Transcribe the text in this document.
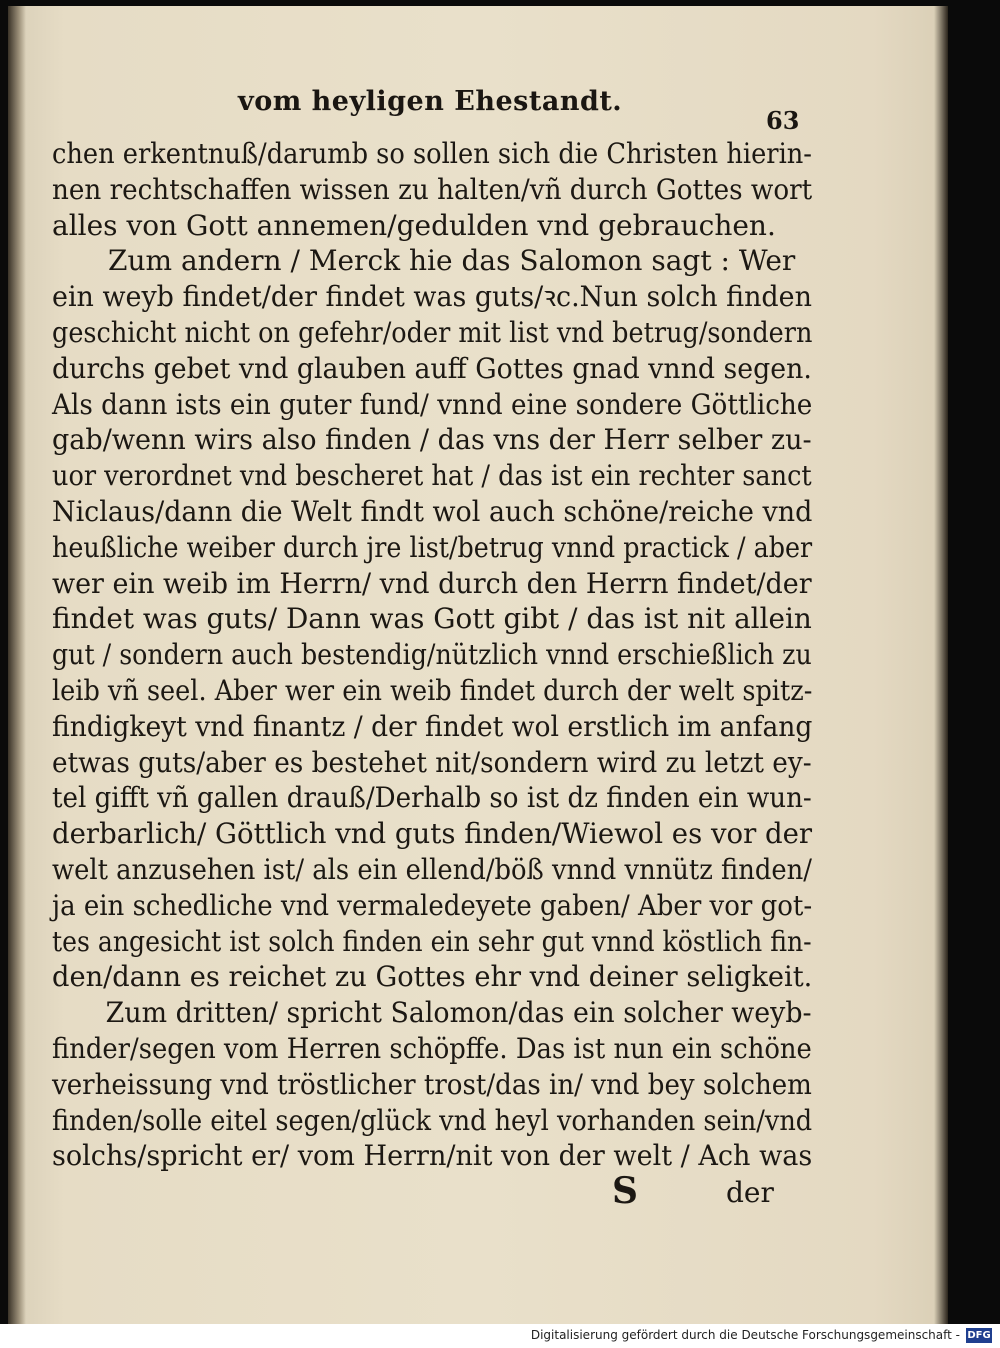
vom heyligen Ehestandt.
63
chen erkentnuß/darumb so sollen sich die Christen hierin-
nen rechtschaffen wissen zu halten/vñ durch Gottes wort
alles von Gott annemen/gedulden vnd gebrauchen.
Zum andern / Merck hie das Salomon sagt : Wer
ein weyb findet/der findet was guts/ꝛc.Nun solch finden
geschicht nicht on gefehr/oder mit list vnd betrug/sondern
durchs gebet vnd glauben auff Gottes gnad vnnd segen.
Als dann ists ein guter fund/ vnnd eine sondere Göttliche
gab/wenn wirs also finden / das vns der Herr selber zu-
uor verordnet vnd bescheret hat / das ist ein rechter sanct
Niclaus/dann die Welt findt wol auch schöne/reiche vnd
heußliche weiber durch jre list/betrug vnnd practick / aber
wer ein weib im Herrn/ vnd durch den Herrn findet/der
findet was guts/ Dann was Gott gibt / das ist nit allein
gut / sondern auch bestendig/nützlich vnnd erschießlich zu
leib vñ seel. Aber wer ein weib findet durch der welt spitz-
findigkeyt vnd finantz / der findet wol erstlich im anfang
etwas guts/aber es bestehet nit/sondern wird zu letzt ey-
tel gifft vñ gallen drauß/Derhalb so ist dz finden ein wun-
derbarlich/ Göttlich vnd guts finden/Wiewol es vor der
welt anzusehen ist/ als ein ellend/böß vnnd vnnütz finden/
ja ein schedliche vnd vermaledeyete gaben/ Aber vor got-
tes angesicht ist solch finden ein sehr gut vnnd köstlich fin-
den/dann es reichet zu Gottes ehr vnd deiner seligkeit.
Zum dritten/ spricht Salomon/das ein solcher weyb-
finder/segen vom Herren schöpffe. Das ist nun ein schöne
verheissung vnd tröstlicher trost/das in/ vnd bey solchem
finden/solle eitel segen/glück vnd heyl vorhanden sein/vnd
solchs/spricht er/ vom Herrn/nit von der welt / Ach was
S	der
Digitalisierung gefördert durch die Deutsche Forschungsgemeinschaft - DFG
